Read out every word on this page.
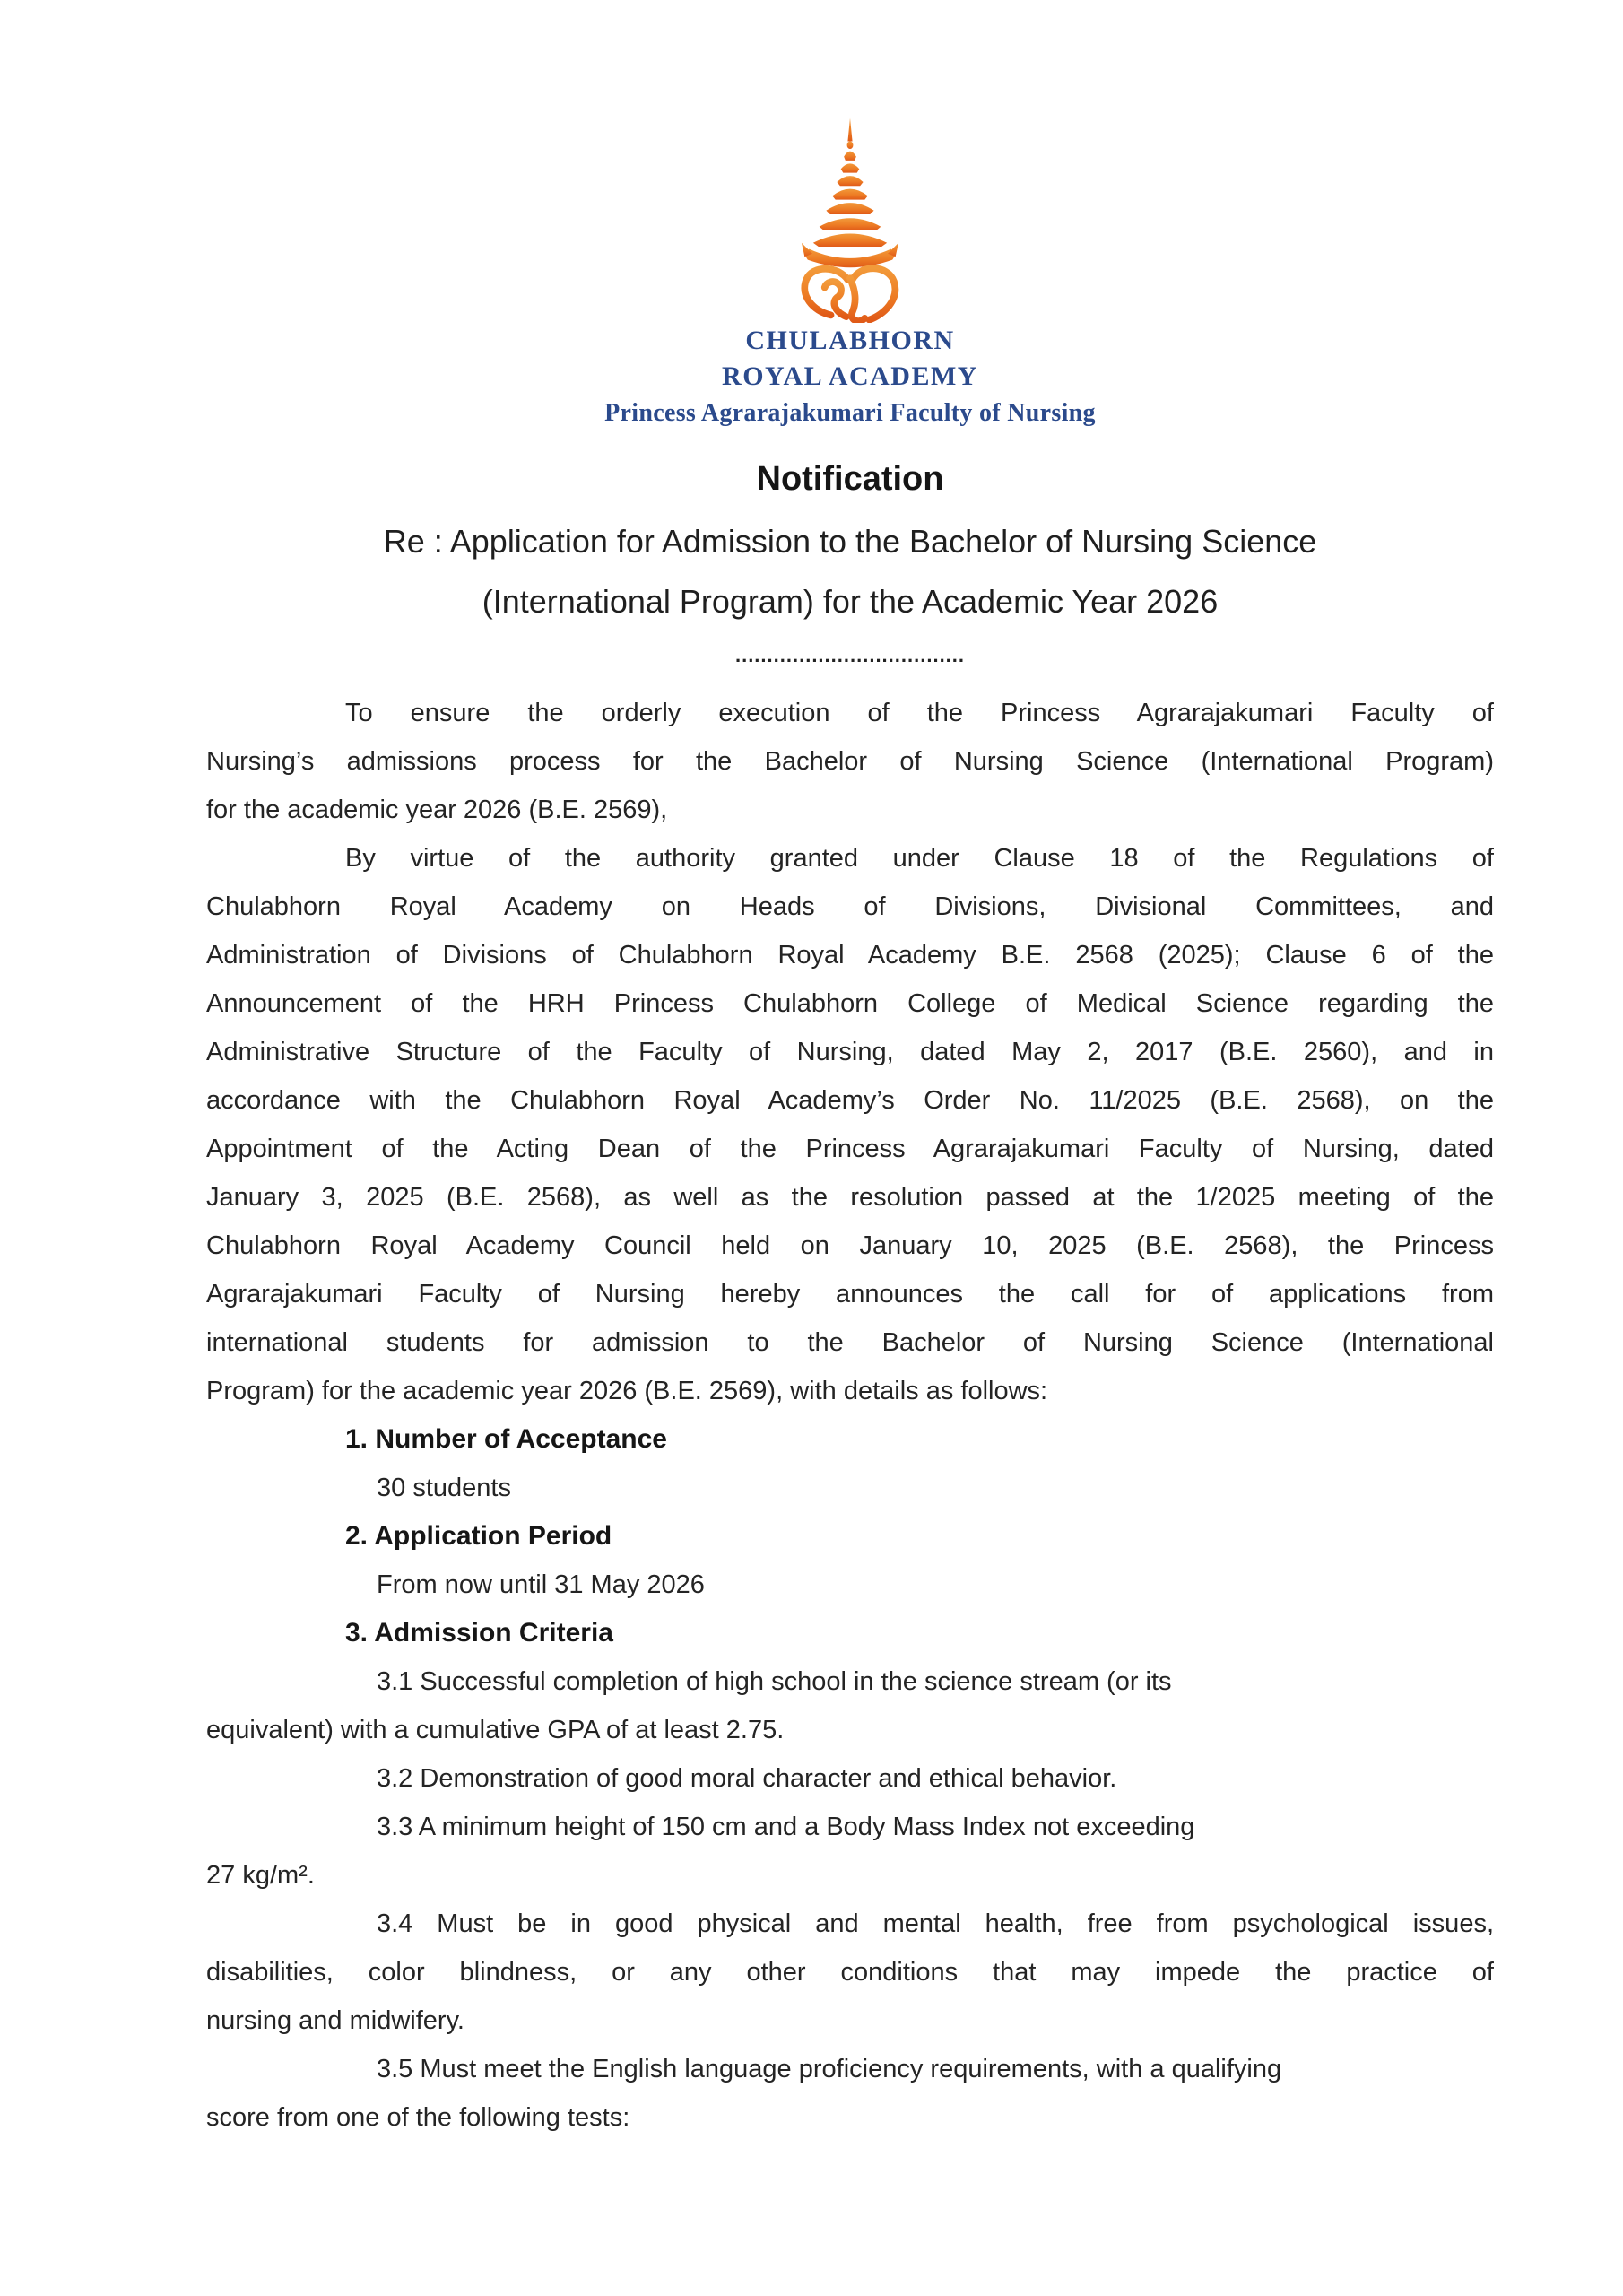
CHULABHORN
ROYAL ACADEMY
Princess Agrarajakumari Faculty of Nursing
Notification
Re : Application for Admission to the Bachelor of Nursing Science
(International Program) for the Academic Year 2026
....................................
To ensure the orderly execution of the Princess Agrarajakumari Faculty of
Nursing’s admissions process for the Bachelor of Nursing Science (International Program)
for the academic year 2026 (B.E. 2569),
By virtue of the authority granted under Clause 18 of the Regulations of
Chulabhorn Royal Academy on Heads of Divisions, Divisional Committees, and
Administration of Divisions of Chulabhorn Royal Academy B.E. 2568 (2025); Clause 6 of the
Announcement of the HRH Princess Chulabhorn College of Medical Science regarding the
Administrative Structure of the Faculty of Nursing, dated May 2, 2017 (B.E. 2560), and in
accordance with the Chulabhorn Royal Academy’s Order No. 11/2025 (B.E. 2568), on the
Appointment of the Acting Dean of the Princess Agrarajakumari Faculty of Nursing, dated
January 3, 2025 (B.E. 2568), as well as the resolution passed at the 1/2025 meeting of the
Chulabhorn Royal Academy Council held on January 10, 2025 (B.E. 2568), the Princess
Agrarajakumari Faculty of Nursing hereby announces the call for of applications from
international students for admission to the Bachelor of Nursing Science (International
Program) for the academic year 2026 (B.E. 2569), with details as follows:
1. Number of Acceptance
30 students
2. Application Period
From now until 31 May 2026
3. Admission Criteria
3.1 Successful completion of high school in the science stream (or its
equivalent) with a cumulative GPA of at least 2.75.
3.2 Demonstration of good moral character and ethical behavior.
3.3 A minimum height of 150 cm and a Body Mass Index not exceeding
27 kg/m².
3.4 Must be in good physical and mental health, free from psychological issues,
disabilities, color blindness, or any other conditions that may impede the practice of
nursing and midwifery.
3.5 Must meet the English language proficiency requirements, with a qualifying
score from one of the following tests:
